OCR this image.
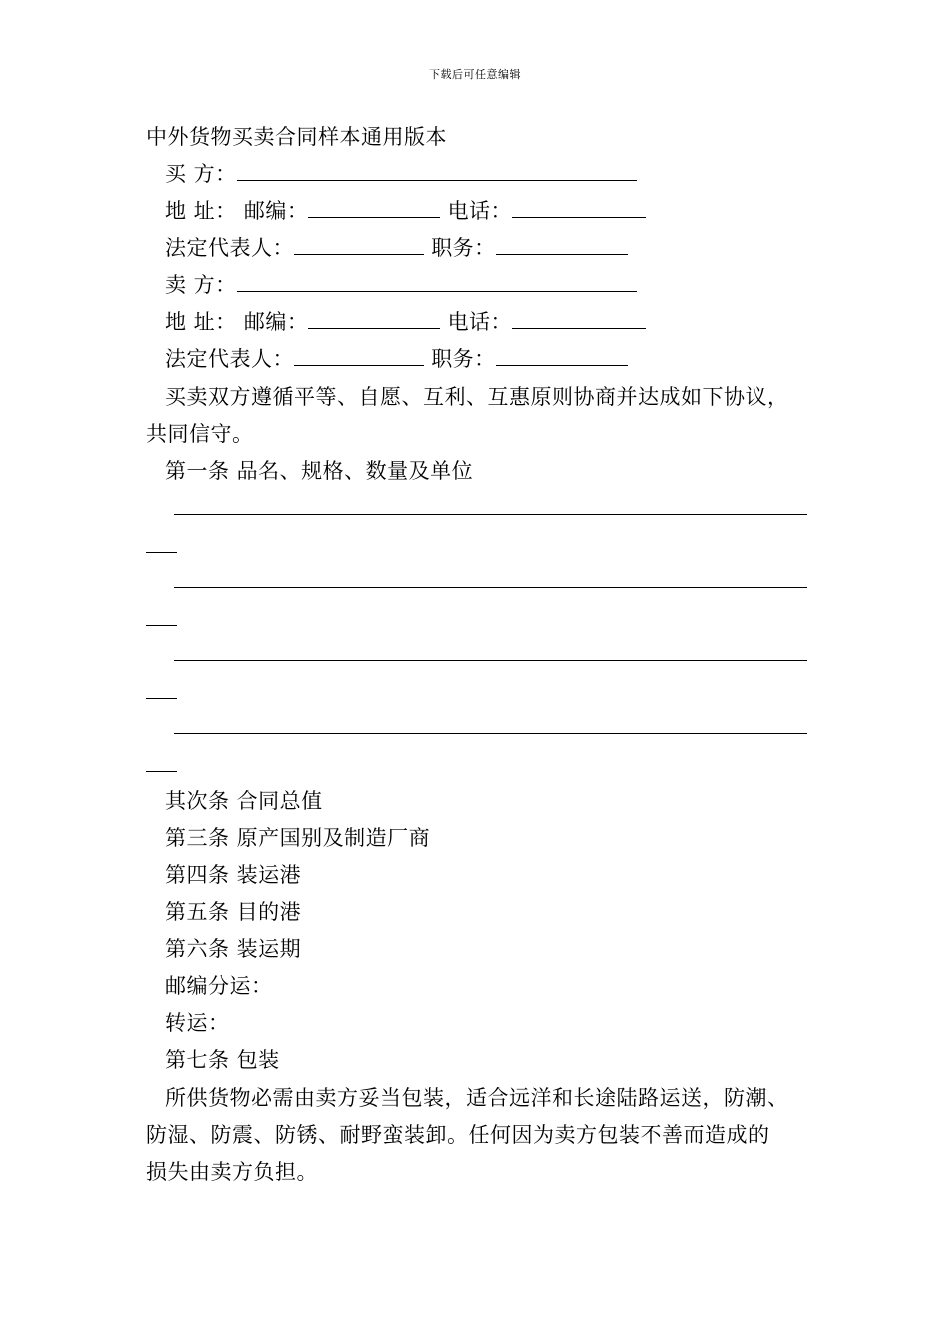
下载后可任意编辑
中外货物买卖合同样本通用版本
买 方：
地 址： 邮编：	电话：
法定代表人：	职务：
卖 方：
地 址： 邮编：	电话：
法定代表人：	职务：
买卖双方遵循平等、自愿、互利、互惠原则协商并达成如下协议，
共同信守。
第一条 品名、规格、数量及单位
其次条 合同总值
第三条 原产国别及制造厂商
第四条 装运港
第五条 目的港
第六条 装运期
邮编分运：
转运：
第七条 包装
所供货物必需由卖方妥当包装，适合远洋和长途陆路运送，防潮、
防湿、防震、防锈、耐野蛮装卸。任何因为卖方包装不善而造成的
损失由卖方负担。
